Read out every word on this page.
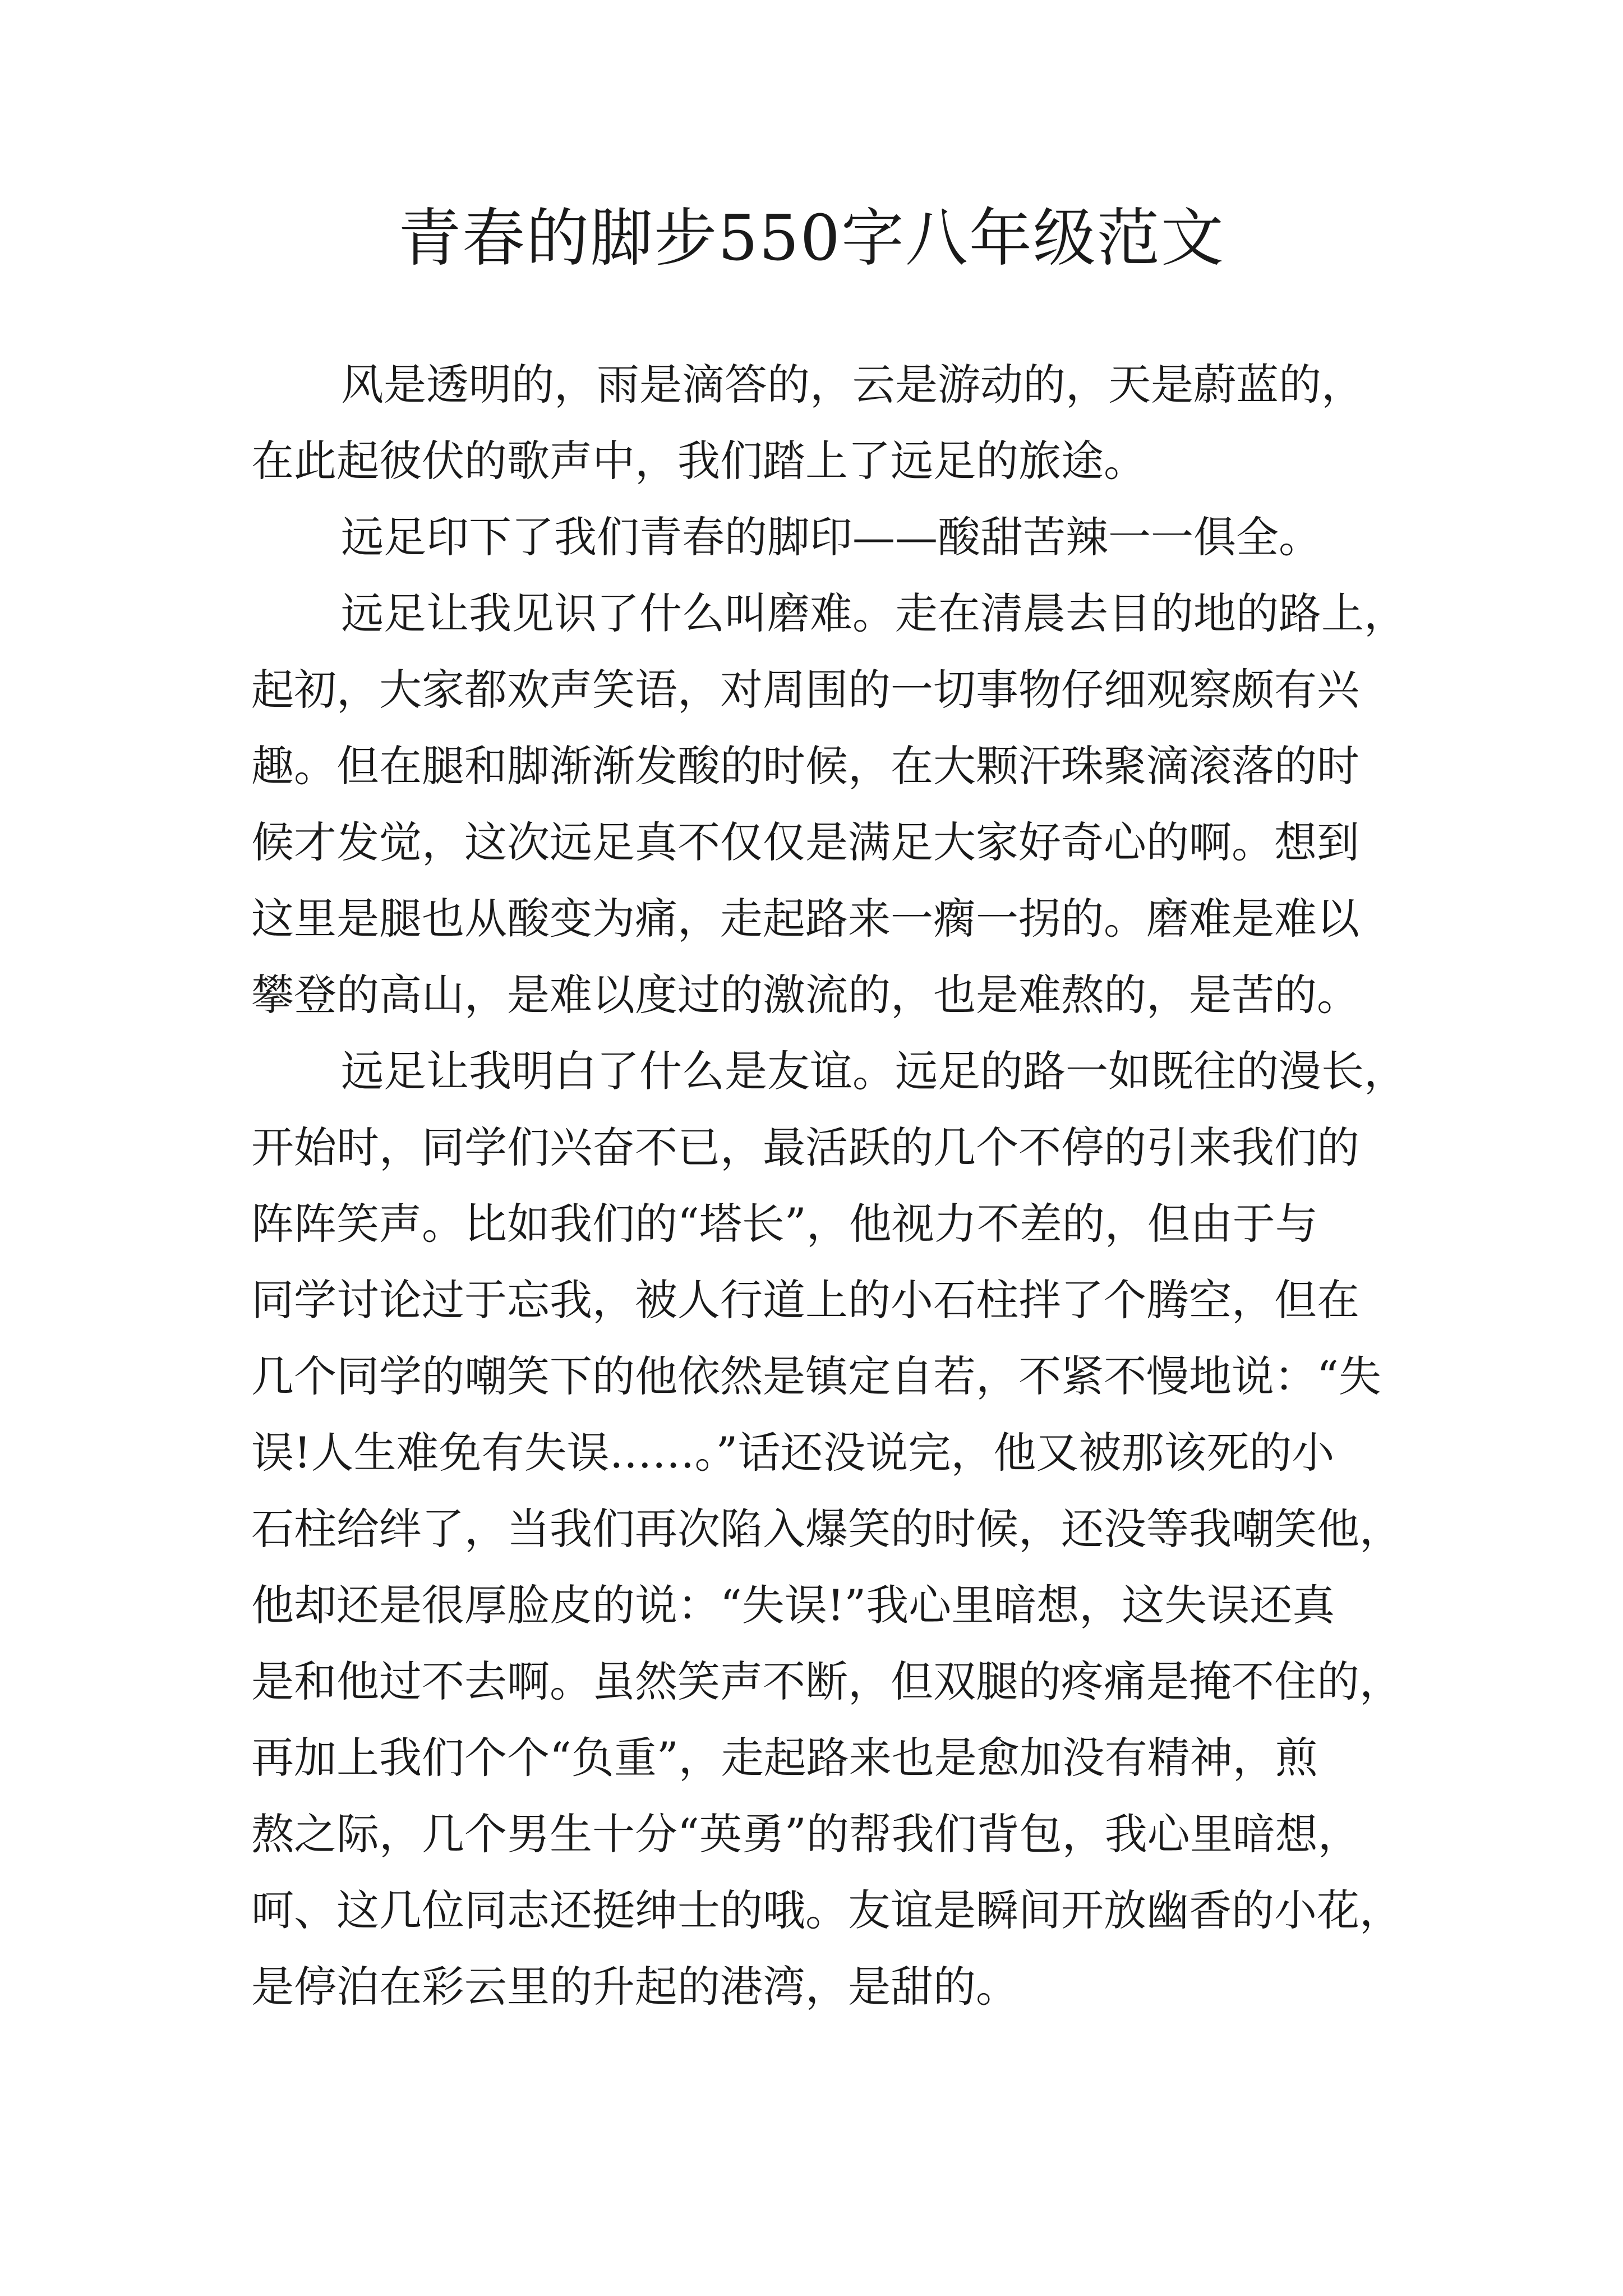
青春的脚步550字八年级范文
风是透明的，雨是滴答的，云是游动的，天是蔚蓝的，
在此起彼伏的歌声中，我们踏上了远足的旅途。
远足印下了我们青春的脚印——酸甜苦辣一一俱全。
远足让我见识了什么叫磨难。走在清晨去目的地的路上，
起初，大家都欢声笑语，对周围的一切事物仔细观察颇有兴
趣。但在腿和脚渐渐发酸的时候，在大颗汗珠聚滴滚落的时
候才发觉，这次远足真不仅仅是满足大家好奇心的啊。想到
这里是腿也从酸变为痛，走起路来一瘸一拐的。磨难是难以
攀登的高山，是难以度过的激流的，也是难熬的，是苦的。
远足让我明白了什么是友谊。远足的路一如既往的漫长，
开始时，同学们兴奋不已，最活跃的几个不停的引来我们的
阵阵笑声。比如我们的“塔长”，他视力不差的，但由于与
同学讨论过于忘我，被人行道上的小石柱拌了个腾空，但在
几个同学的嘲笑下的他依然是镇定自若，不紧不慢地说：“失
误!人生难免有失误……。”话还没说完，他又被那该死的小
石柱给绊了，当我们再次陷入爆笑的时候，还没等我嘲笑他，
他却还是很厚脸皮的说：“失误!”我心里暗想，这失误还真
是和他过不去啊。虽然笑声不断，但双腿的疼痛是掩不住的，
再加上我们个个“负重”，走起路来也是愈加没有精神，煎
熬之际，几个男生十分“英勇”的帮我们背包，我心里暗想，
呵、这几位同志还挺绅士的哦。友谊是瞬间开放幽香的小花，
是停泊在彩云里的升起的港湾，是甜的。
